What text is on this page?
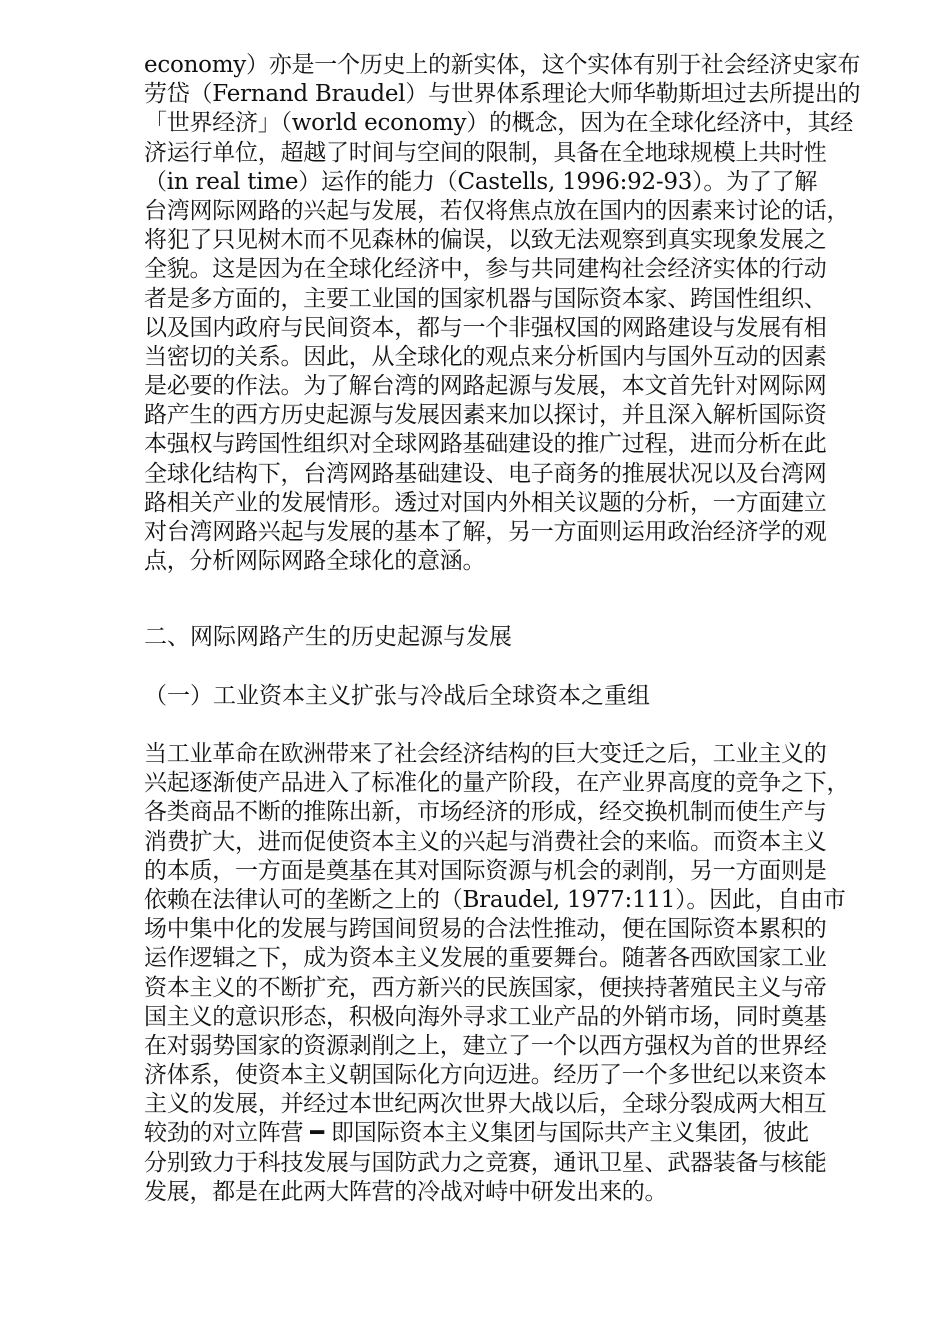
economy）亦是一个历史上的新实体，这个实体有别于社会经济史家布
劳岱（Fernand Braudel）与世界体系理论大师华勒斯坦过去所提出的
「世界经济」（world economy）的概念，因为在全球化经济中，其经
济运行单位，超越了时间与空间的限制，具备在全地球规模上共时性
（in real time）运作的能力（Castells, 1996:92-93）。为了了解
台湾网际网路的兴起与发展，若仅将焦点放在国内的因素来讨论的话，
将犯了只见树木而不见森林的偏误，以致无法观察到真实现象发展之
全貌。这是因为在全球化经济中，参与共同建构社会经济实体的行动
者是多方面的，主要工业国的国家机器与国际资本家、跨国性组织、
以及国内政府与民间资本，都与一个非强权国的网路建设与发展有相
当密切的关系。因此，从全球化的观点来分析国内与国外互动的因素
是必要的作法。为了解台湾的网路起源与发展，本文首先针对网际网
路产生的西方历史起源与发展因素来加以探讨，并且深入解析国际资
本强权与跨国性组织对全球网路基础建设的推广过程，进而分析在此
全球化结构下，台湾网路基础建设、电子商务的推展状况以及台湾网
路相关产业的发展情形。透过对国内外相关议题的分析，一方面建立
对台湾网路兴起与发展的基本了解，另一方面则运用政治经济学的观
点，分析网际网路全球化的意涵。
二、网际网路产生的历史起源与发展
（一）工业资本主义扩张与冷战后全球资本之重组
当工业革命在欧洲带来了社会经济结构的巨大变迁之后，工业主义的
兴起逐渐使产品进入了标准化的量产阶段，在产业界高度的竞争之下，
各类商品不断的推陈出新，市场经济的形成，经交换机制而使生产与
消费扩大，进而促使资本主义的兴起与消费社会的来临。而资本主义
的本质，一方面是奠基在其对国际资源与机会的剥削，另一方面则是
依赖在法律认可的垄断之上的（Braudel, 1977:111）。因此，自由市
场中集中化的发展与跨国间贸易的合法性推动，便在国际资本累积的
运作逻辑之下，成为资本主义发展的重要舞台。随著各西欧国家工业
资本主义的不断扩充，西方新兴的民族国家，便挟持著殖民主义与帝
国主义的意识形态，积极向海外寻求工业产品的外销市场，同时奠基
在对弱势国家的资源剥削之上，建立了一个以西方强权为首的世界经
济体系，使资本主义朝国际化方向迈进。经历了一个多世纪以来资本
主义的发展，并经过本世纪两次世界大战以后，全球分裂成两大相互
较劲的对立阵营 ━ 即国际资本主义集团与国际共产主义集团，彼此
分别致力于科技发展与国防武力之竞赛，通讯卫星、武器装备与核能
发展，都是在此两大阵营的冷战对峙中研发出来的。
